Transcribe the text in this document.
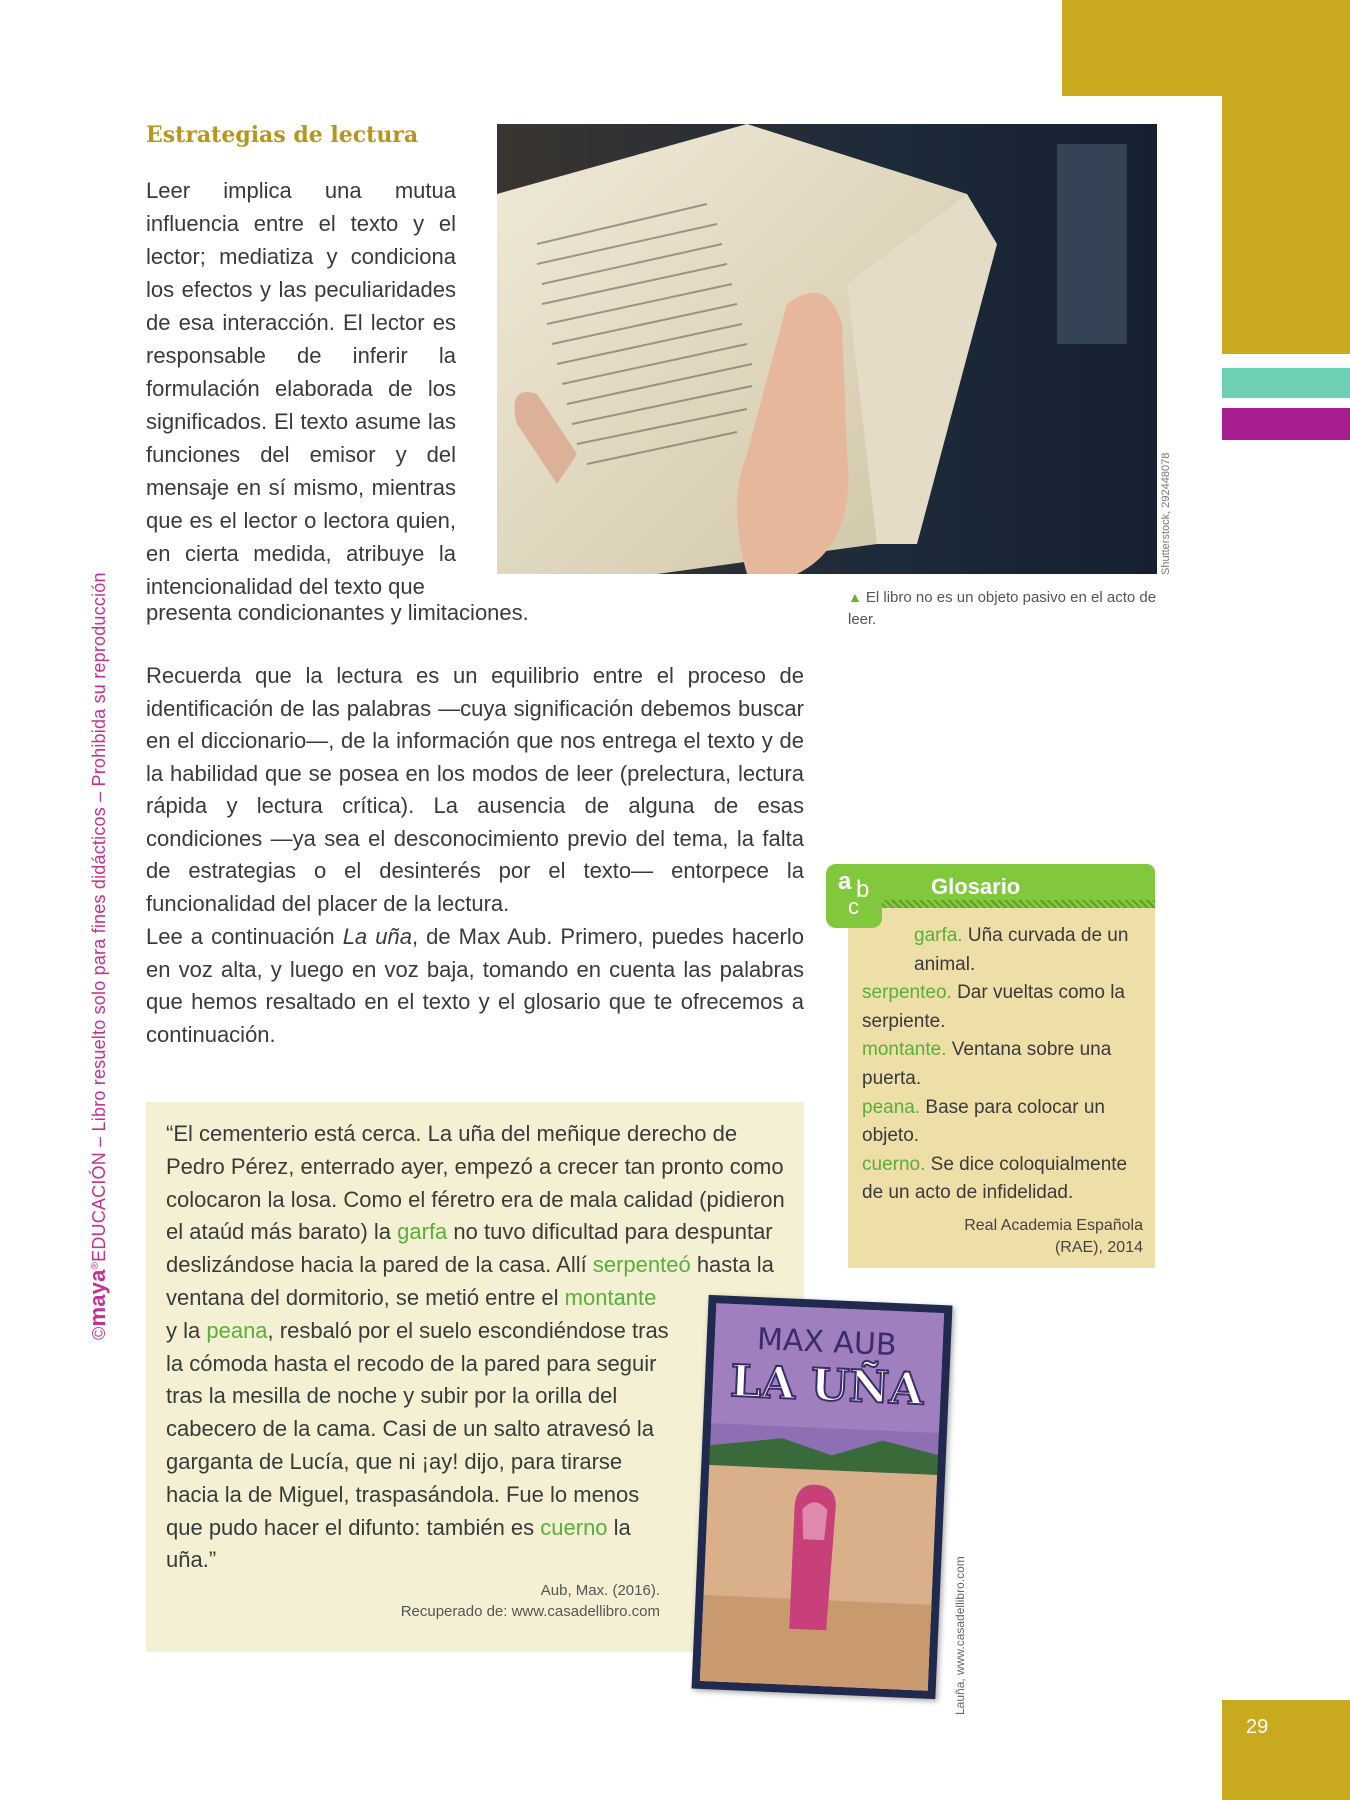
©maya®EDUCACIÓN – Libro resuelto solo para fines didácticos – Prohibida su reproducción
Estrategias de lectura
Shutterstock, 292448078
▲ El libro no es un objeto pasivo en el acto de leer.
Leer implica una mutua influencia entre el texto y el lector; mediatiza y condiciona los efectos y las peculiaridades de esa interacción. El lector es responsable de inferir la formulación elaborada de los significados. El texto asume las funciones del emisor y del mensaje en sí mismo, mientras que es el lector o lectora quien, en cierta medida, atribuye la intencionalidad del texto que
presenta condicionantes y limitaciones.
Recuerda que la lectura es un equilibrio entre el proceso de identificación de las palabras —cuya significación debemos buscar en el diccionario—, de la información que nos entrega el texto y de la habilidad que se posea en los modos de leer (prelectura, lectura rápida y lectura crítica). La ausencia de alguna de esas condiciones —ya sea el desconocimiento previo del tema, la falta de estrategias o el desinterés por el texto— entorpece la funcionalidad del placer de la lectura.
Lee a continuación La uña, de Max Aub. Primero, puedes hacerlo en voz alta, y luego en voz baja, tomando en cuenta las palabras que hemos resaltado en el texto y el glosario que te ofrecemos a continuación.
“El cementerio está cerca. La uña del meñique derecho de Pedro Pérez, enterrado ayer, empezó a crecer tan pronto como colocaron la losa. Como el féretro era de mala calidad (pidieron el ataúd más barato) la garfa no tuvo dificultad para despuntar deslizándose hacia la pared de la casa. Allí serpenteó hasta la ventana del dormitorio, se metió entre el montante
y la peana, resbaló por el suelo escondiéndose tras la cómoda hasta el recodo de la pared para seguir tras la mesilla de noche y subir por la orilla del cabecero de la cama. Casi de un salto atravesó la garganta de Lucía, que ni ¡ay! dijo, para tirarse hacia la de Miguel, traspasándola. Fue lo menos que pudo hacer el difunto: también es cuerno la uña.”
Aub, Max. (2016).
Recuperado de: www.casadellibro.com
MAX AUB
LA UÑA
Lauña, www.casadellibro.com
Glosario
a b
c
garfa. Uña curvada de un animal.
serpenteo. Dar vueltas como la serpiente.
montante. Ventana sobre una puerta.
peana. Base para colocar un objeto.
cuerno. Se dice coloquialmente de un acto de infidelidad.
Real Academia Española
(RAE), 2014
29
